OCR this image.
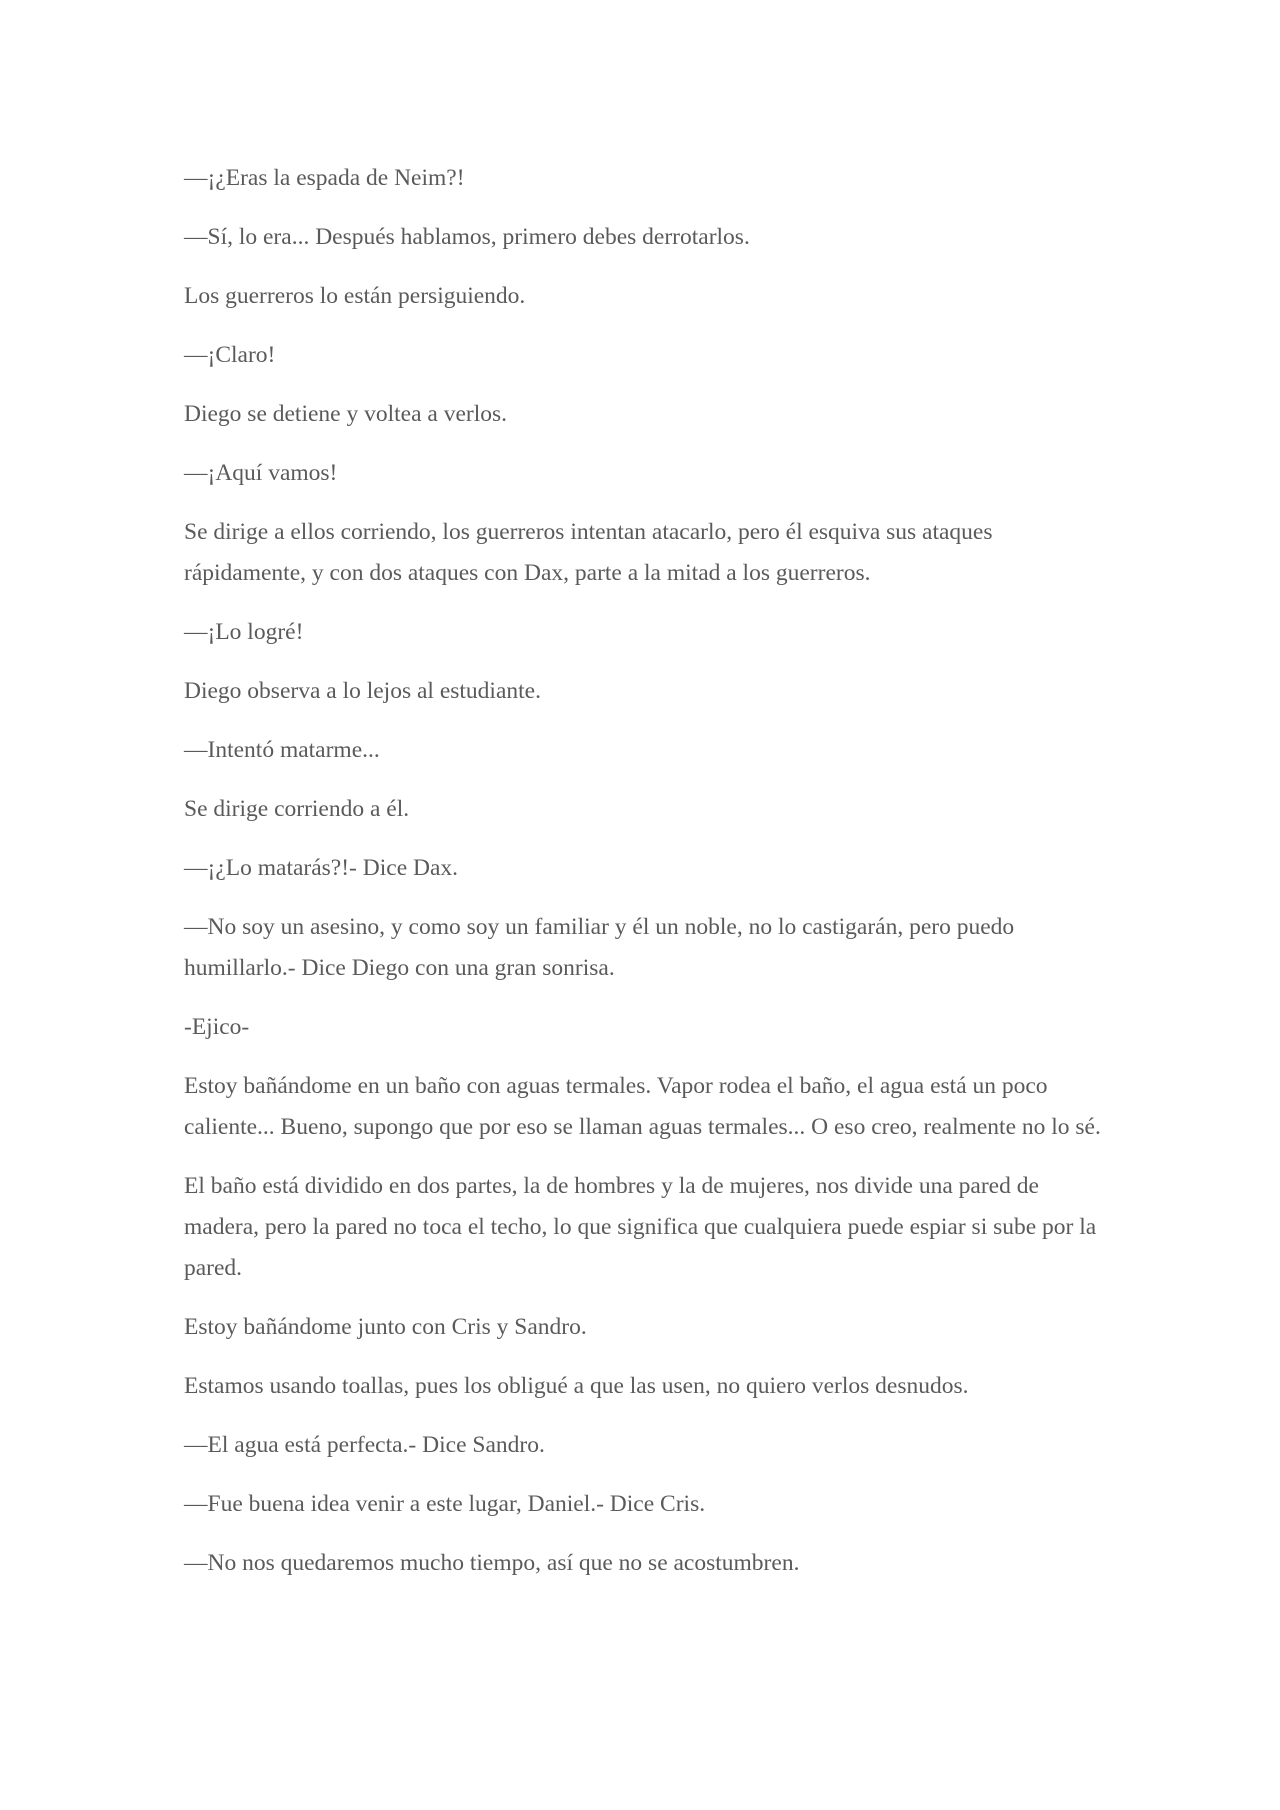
—¡¿Eras la espada de Neim?!

—Sí, lo era... Después hablamos, primero debes derrotarlos.

Los guerreros lo están persiguiendo.

—¡Claro!

Diego se detiene y voltea a verlos.

—¡Aquí vamos!

Se dirige a ellos corriendo, los guerreros intentan atacarlo, pero él esquiva sus ataques rápidamente, y con dos ataques con Dax, parte a la mitad a los guerreros.

—¡Lo logré!

Diego observa a lo lejos al estudiante.

—Intentó matarme...

Se dirige corriendo a él.

—¡¿Lo matarás?!- Dice Dax.

—No soy un asesino, y como soy un familiar y él un noble, no lo castigarán, pero puedo humillarlo.- Dice Diego con una gran sonrisa.

-Ejico-

Estoy bañándome en un baño con aguas termales. Vapor rodea el baño, el agua está un poco caliente... Bueno, supongo que por eso se llaman aguas termales... O eso creo, realmente no lo sé.

El baño está dividido en dos partes, la de hombres y la de mujeres, nos divide una pared de madera, pero la pared no toca el techo, lo que significa que cualquiera puede espiar si sube por la pared.

Estoy bañándome junto con Cris y Sandro.

Estamos usando toallas, pues los obligué a que las usen, no quiero verlos desnudos.

—El agua está perfecta.- Dice Sandro.

—Fue buena idea venir a este lugar, Daniel.- Dice Cris.

—No nos quedaremos mucho tiempo, así que no se acostumbren.
